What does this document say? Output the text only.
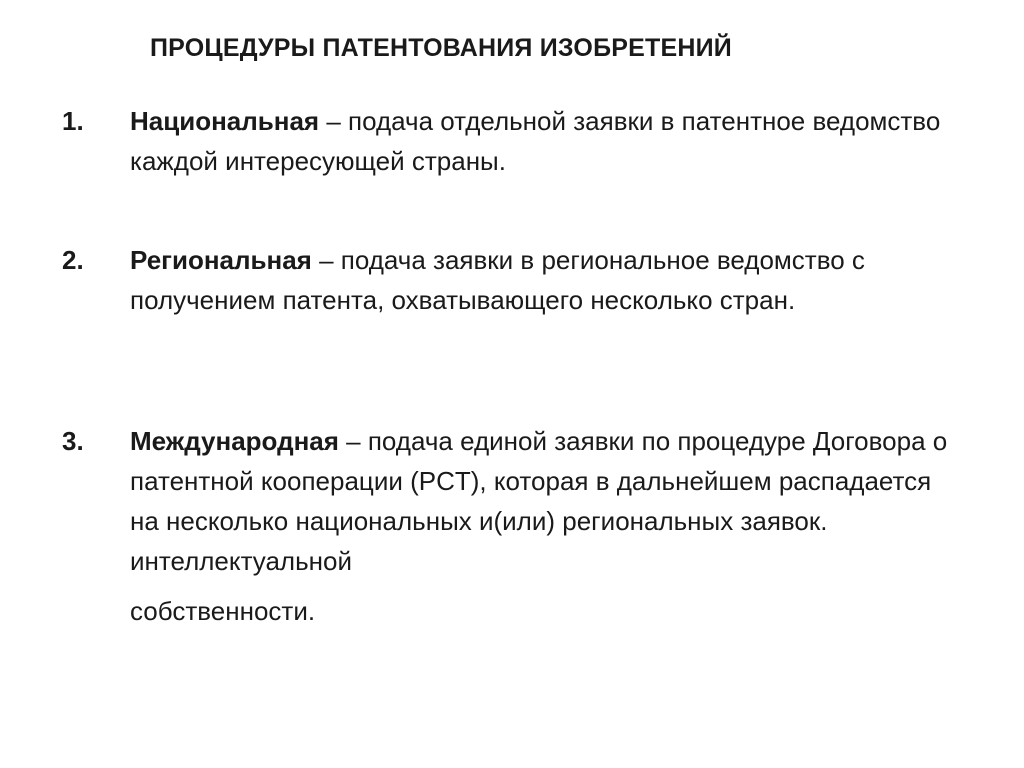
ПРОЦЕДУРЫ ПАТЕНТОВАНИЯ ИЗОБРЕТЕНИЙ
1. Национальная – подача отдельной заявки в патентное ведомство каждой интересующей страны.
2. Региональная – подача заявки в региональное ведомство с получением патента, охватывающего несколько стран.
3. Международная – подача единой заявки по процедуре Договора о патентной кооперации (PCT), которая в дальнейшем распадается на несколько национальных и(или) региональных заявок. интеллектуальной
собственности.
